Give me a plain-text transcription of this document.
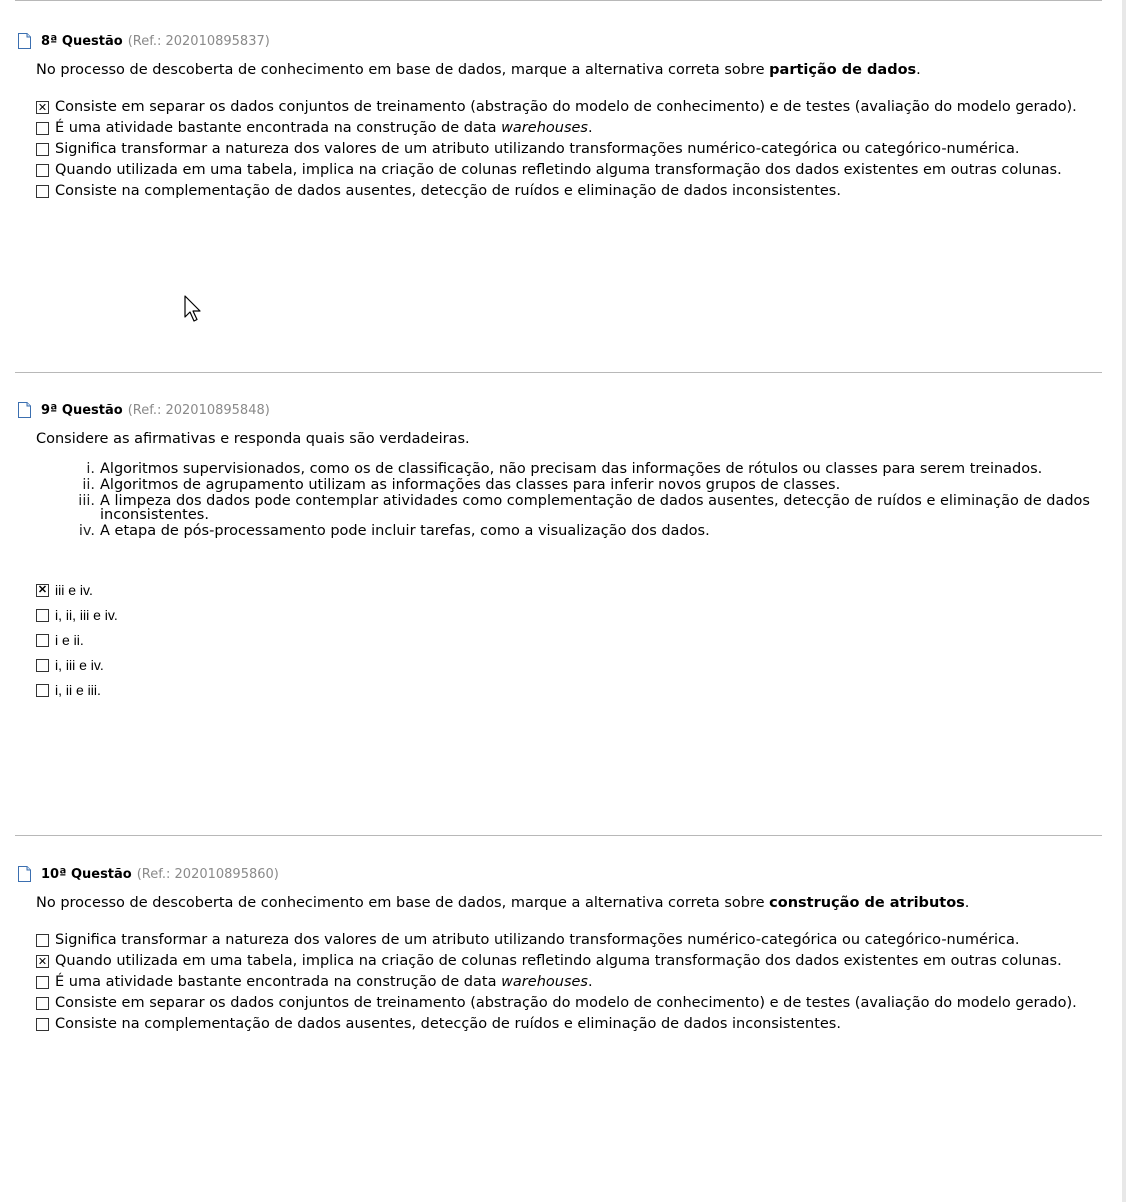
8ª Questão (Ref.: 202010895837)
No processo de descoberta de conhecimento em base de dados, marque a alternativa correta sobre partição de dados.
✕
Consiste em separar os dados conjuntos de treinamento (abstração do modelo de conhecimento) e de testes (avaliação do modelo gerado).
É uma atividade bastante encontrada na construção de data warehouses.
Significa transformar a natureza dos valores de um atributo utilizando transformações numérico-categórica ou categórico-numérica.
Quando utilizada em uma tabela, implica na criação de colunas refletindo alguma transformação dos dados existentes em outras colunas.
Consiste na complementação de dados ausentes, detecção de ruídos e eliminação de dados inconsistentes.
9ª Questão (Ref.: 202010895848)
Considere as afirmativas e responda quais são verdadeiras.
i. Algoritmos supervisionados, como os de classificação, não precisam das informações de rótulos ou classes para serem treinados.
ii. Algoritmos de agrupamento utilizam as informações das classes para inferir novos grupos de classes.
iii. A limpeza dos dados pode contemplar atividades como complementação de dados ausentes, detecção de ruídos e eliminação de dados inconsistentes.
iv. A etapa de pós-processamento pode incluir tarefas, como a visualização dos dados.
✕
iii e iv.
i, ii, iii e iv.
i e ii.
i, iii e iv.
i, ii e iii.
10ª Questão (Ref.: 202010895860)
No processo de descoberta de conhecimento em base de dados, marque a alternativa correta sobre construção de atributos.
Significa transformar a natureza dos valores de um atributo utilizando transformações numérico-categórica ou categórico-numérica.
✕
Quando utilizada em uma tabela, implica na criação de colunas refletindo alguma transformação dos dados existentes em outras colunas.
É uma atividade bastante encontrada na construção de data warehouses.
Consiste em separar os dados conjuntos de treinamento (abstração do modelo de conhecimento) e de testes (avaliação do modelo gerado).
Consiste na complementação de dados ausentes, detecção de ruídos e eliminação de dados inconsistentes.
